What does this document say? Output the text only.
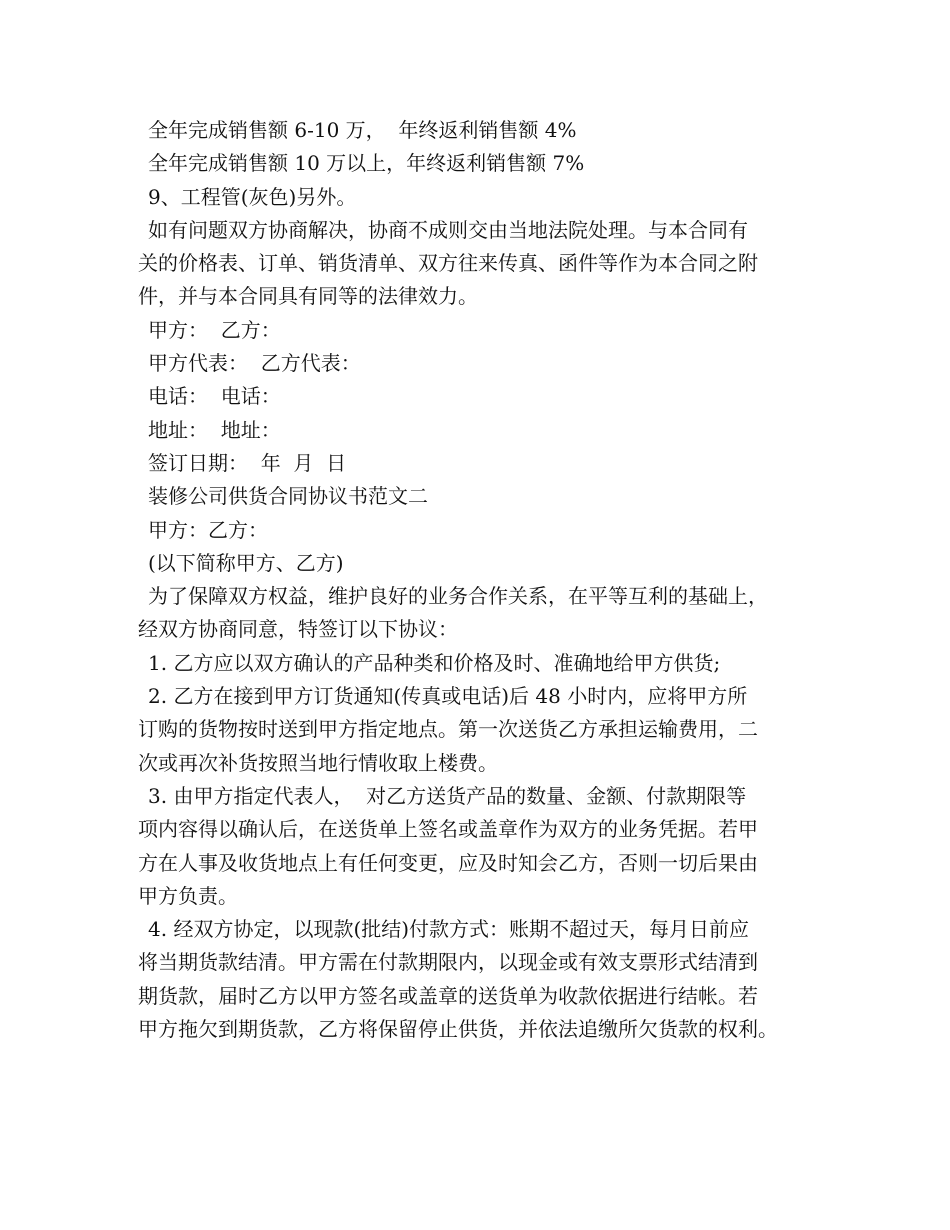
全年完成销售额 6-10 万，  年终返利销售额 4%
全年完成销售额 10 万以上，年终返利销售额 7%
9、工程管(灰色)另外。
如有问题双方协商解决，协商不成则交由当地法院处理。与本合同有
关的价格表、订单、销货清单、双方往来传真、函件等作为本合同之附
件，并与本合同具有同等的法律效力。
甲方：  乙方：
甲方代表：  乙方代表：
电话：  电话：
地址：  地址：
签订日期：  年  月  日
装修公司供货合同协议书范文二
甲方：乙方：
(以下简称甲方、乙方)
为了保障双方权益，维护良好的业务合作关系，在平等互利的基础上，
经双方协商同意，特签订以下协议：
1. 乙方应以双方确认的产品种类和价格及时、准确地给甲方供货;
2. 乙方在接到甲方订货通知(传真或电话)后 48 小时内，应将甲方所
订购的货物按时送到甲方指定地点。第一次送货乙方承担运输费用，二
次或再次补货按照当地行情收取上楼费。
3. 由甲方指定代表人，  对乙方送货产品的数量、金额、付款期限等
项内容得以确认后，在送货单上签名或盖章作为双方的业务凭据。若甲
方在人事及收货地点上有任何变更，应及时知会乙方，否则一切后果由
甲方负责。
4. 经双方协定，以现款(批结)付款方式：账期不超过天，每月日前应
将当期货款结清。甲方需在付款期限内，以现金或有效支票形式结清到
期货款，届时乙方以甲方签名或盖章的送货单为收款依据进行结帐。若
甲方拖欠到期货款，乙方将保留停止供货，并依法追缴所欠货款的权利。
